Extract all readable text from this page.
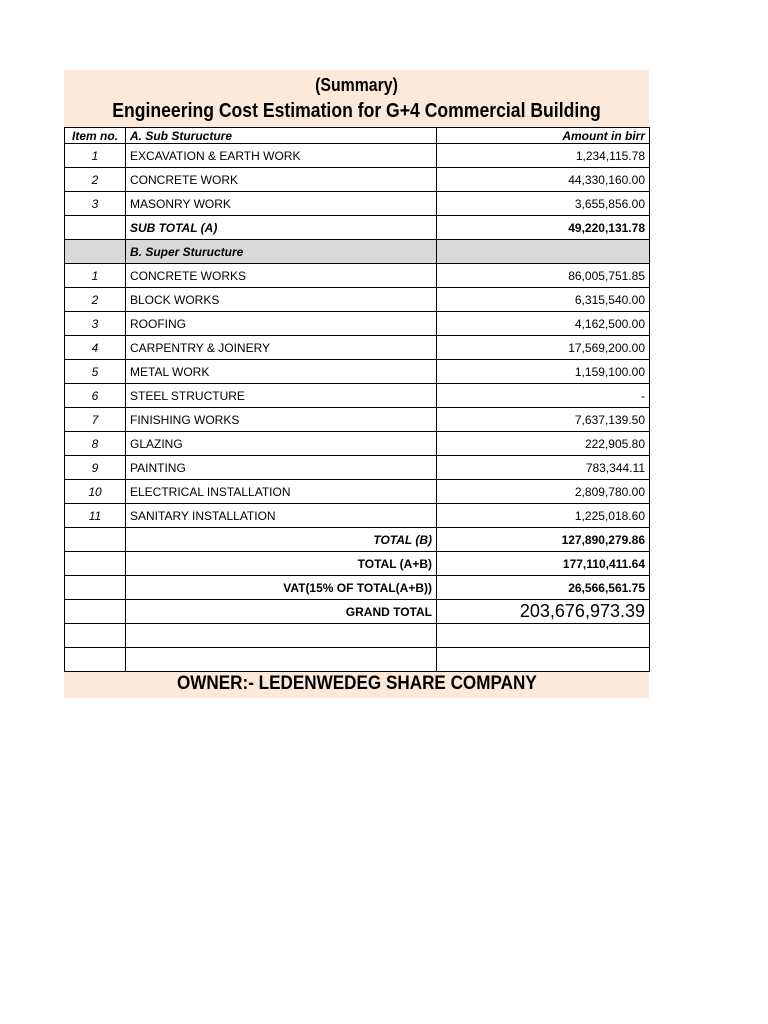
(Summary)
Engineering Cost Estimation for G+4 Commercial Building
Item no.	A. Sub Sturucture	Amount in birr
1	EXCAVATION & EARTH WORK	1,234,115.78
2	CONCRETE WORK	44,330,160.00
3	MASONRY WORK	3,655,856.00
	SUB TOTAL (A)	49,220,131.78
	B. Super Sturucture	
1	CONCRETE WORKS	86,005,751.85
2	BLOCK WORKS	6,315,540.00
3	ROOFING	4,162,500.00
4	CARPENTRY & JOINERY	17,569,200.00
5	METAL WORK	1,159,100.00
6	STEEL STRUCTURE	-
7	FINISHING WORKS	7,637,139.50
8	GLAZING	222,905.80
9	PAINTING	783,344.11
10	ELECTRICAL INSTALLATION	2,809,780.00
11	SANITARY INSTALLATION	1,225,018.60
	TOTAL (B)	127,890,279.86
	TOTAL (A+B)	177,110,411.64
	VAT(15% OF TOTAL(A+B))	26,566,561.75
	GRAND TOTAL	203,676,973.39

OWNER:- LEDENWEDEG SHARE COMPANY
